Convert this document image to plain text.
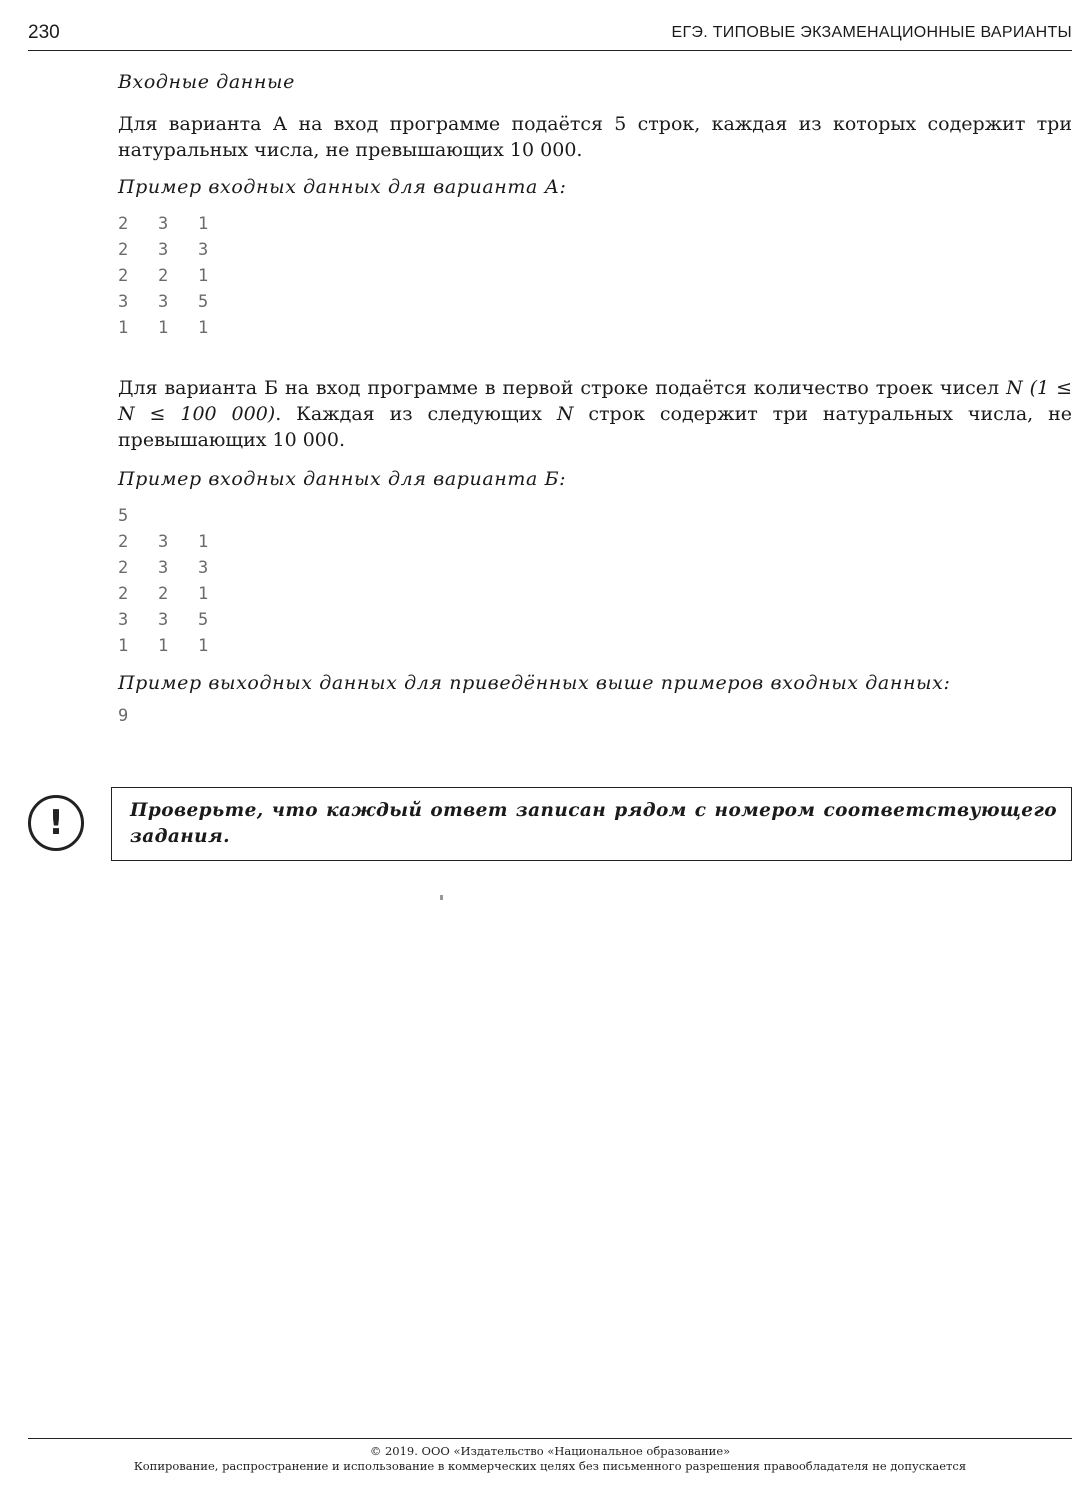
230	ЕГЭ. ТИПОВЫЕ ЭКЗАМЕНАЦИОННЫЕ ВАРИАНТЫ

Входные данные

Для варианта А на вход программе подаётся 5 строк, каждая из которых содержит три натуральных числа, не превышающих 10 000.

Пример входных данных для варианта А:

2 3 1
2 3 3
2 2 1
3 3 5
1 1 1

Для варианта Б на вход программе в первой строке подаётся количество троек чисел N (1 ≤ N ≤ 100 000). Каждая из следующих N строк содержит три натуральных числа, не превышающих 10 000.

Пример входных данных для варианта Б:

5
2 3 1
2 3 3
2 2 1
3 3 5
1 1 1

Пример выходных данных для приведённых выше примеров входных данных:

9
!	Проверьте, что каждый ответ записан рядом с номером соответствующего задания.

© 2019. ООО «Издательство «Национальное образование»
Копирование, распространение и использование в коммерческих целях без письменного разрешения правообладателя не допускается
